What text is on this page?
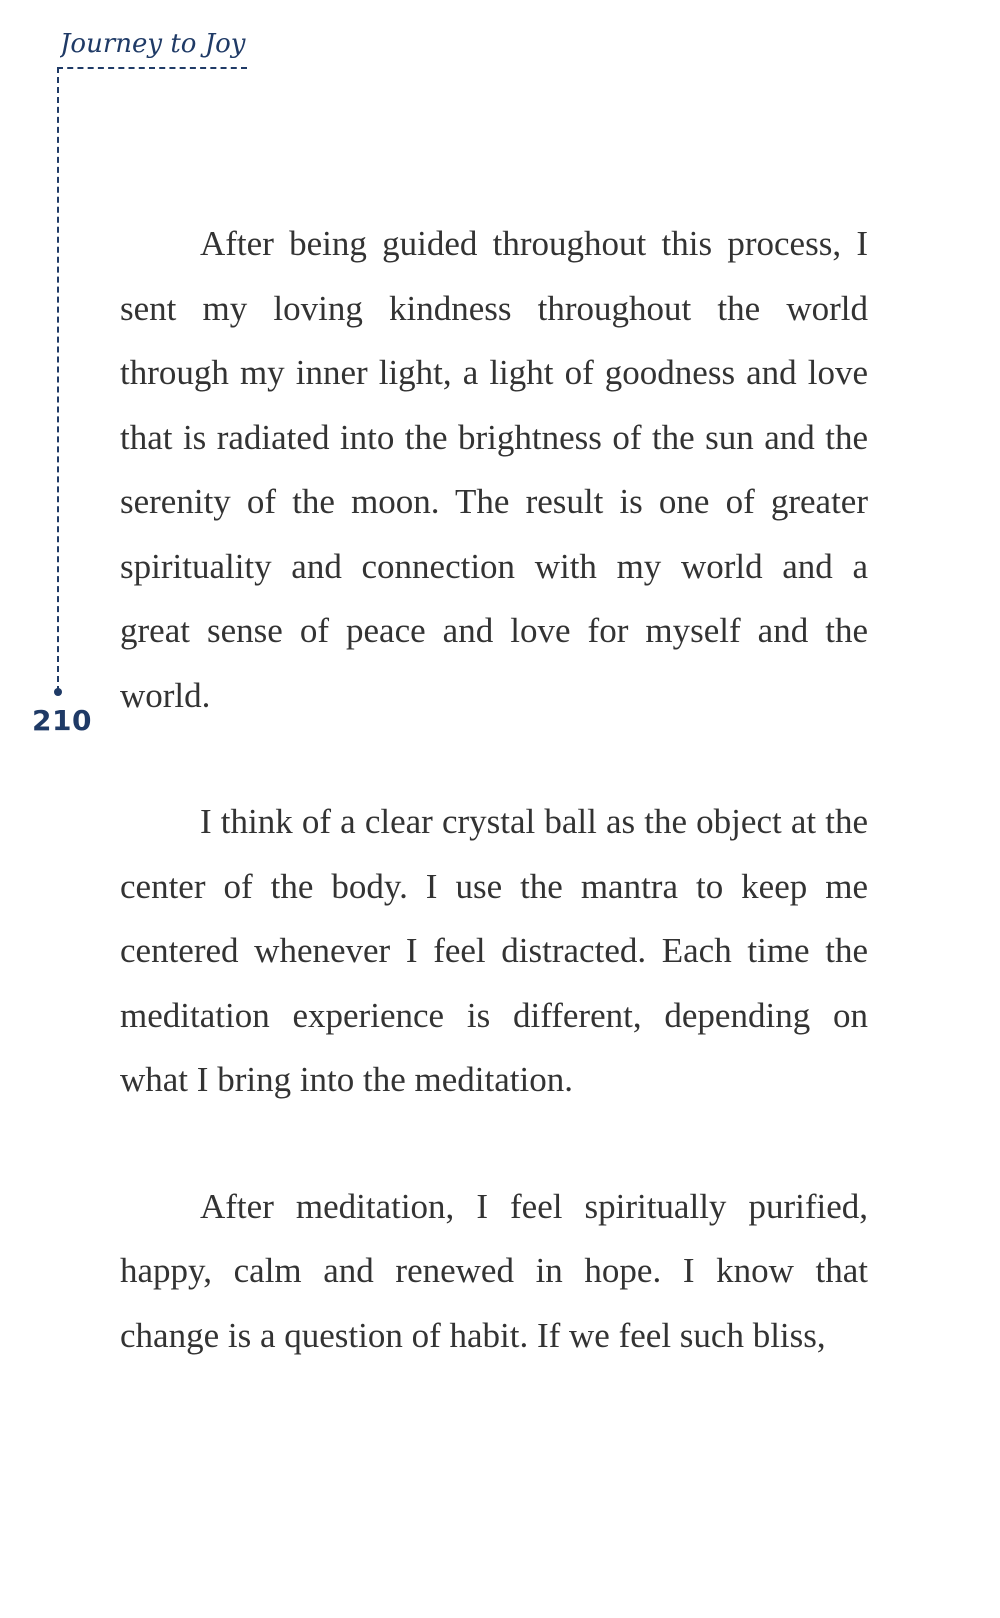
Journey to Joy
210

After being guided throughout this process, I sent my loving kindness throughout the world through my inner light, a light of goodness and love that is radiated into the brightness of the sun and the serenity of the moon. The result is one of greater spirituality and connection with my world and a great sense of peace and love for myself and the world.

I think of a clear crystal ball as the object at the center of the body. I use the mantra to keep me centered whenever I feel distracted. Each time the meditation experience is different, depending on what I bring into the meditation.

After meditation, I feel spiritually purified, happy, calm and renewed in hope. I know that change is a question of habit. If we feel such bliss,
